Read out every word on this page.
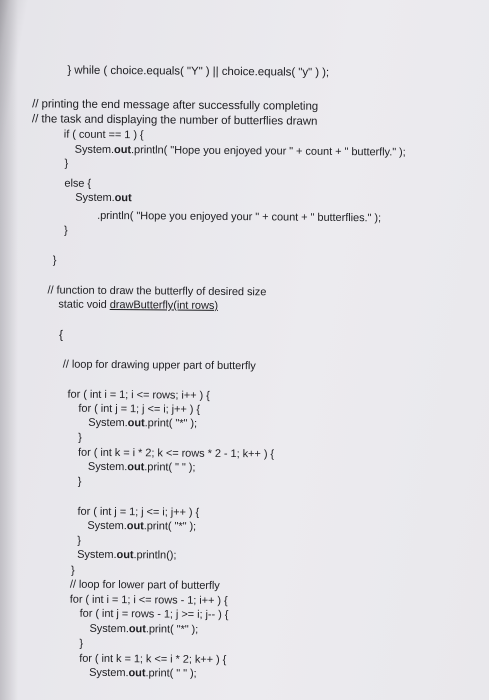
} while ( choice.equals( "Y" ) || choice.equals( "y" ) );
// printing the end message after successfully completing
// the task and displaying the number of butterflies drawn
if ( count == 1 ) {
System.out.println( "Hope you enjoyed your " + count + " butterfly." );
}
else {
System.out
.println( "Hope you enjoyed your " + count + " butterflies." );
}
}
// function to draw the butterfly of desired size
static void drawButterfly(int rows)
{
// loop for drawing upper part of butterfly
for ( int i = 1; i <= rows; i++ ) {
for ( int j = 1; j <= i; j++ ) {
System.out.print( "*" );
}
for ( int k = i * 2; k <= rows * 2 - 1; k++ ) {
System.out.print( " " );
}
for ( int j = 1; j <= i; j++ ) {
System.out.print( "*" );
}
System.out.println();
}
// loop for lower part of butterfly
for ( int i = 1; i <= rows - 1; i++ ) {
for ( int j = rows - 1; j >= i; j-- ) {
System.out.print( "*" );
}
for ( int k = 1; k <= i * 2; k++ ) {
System.out.print( " " );
